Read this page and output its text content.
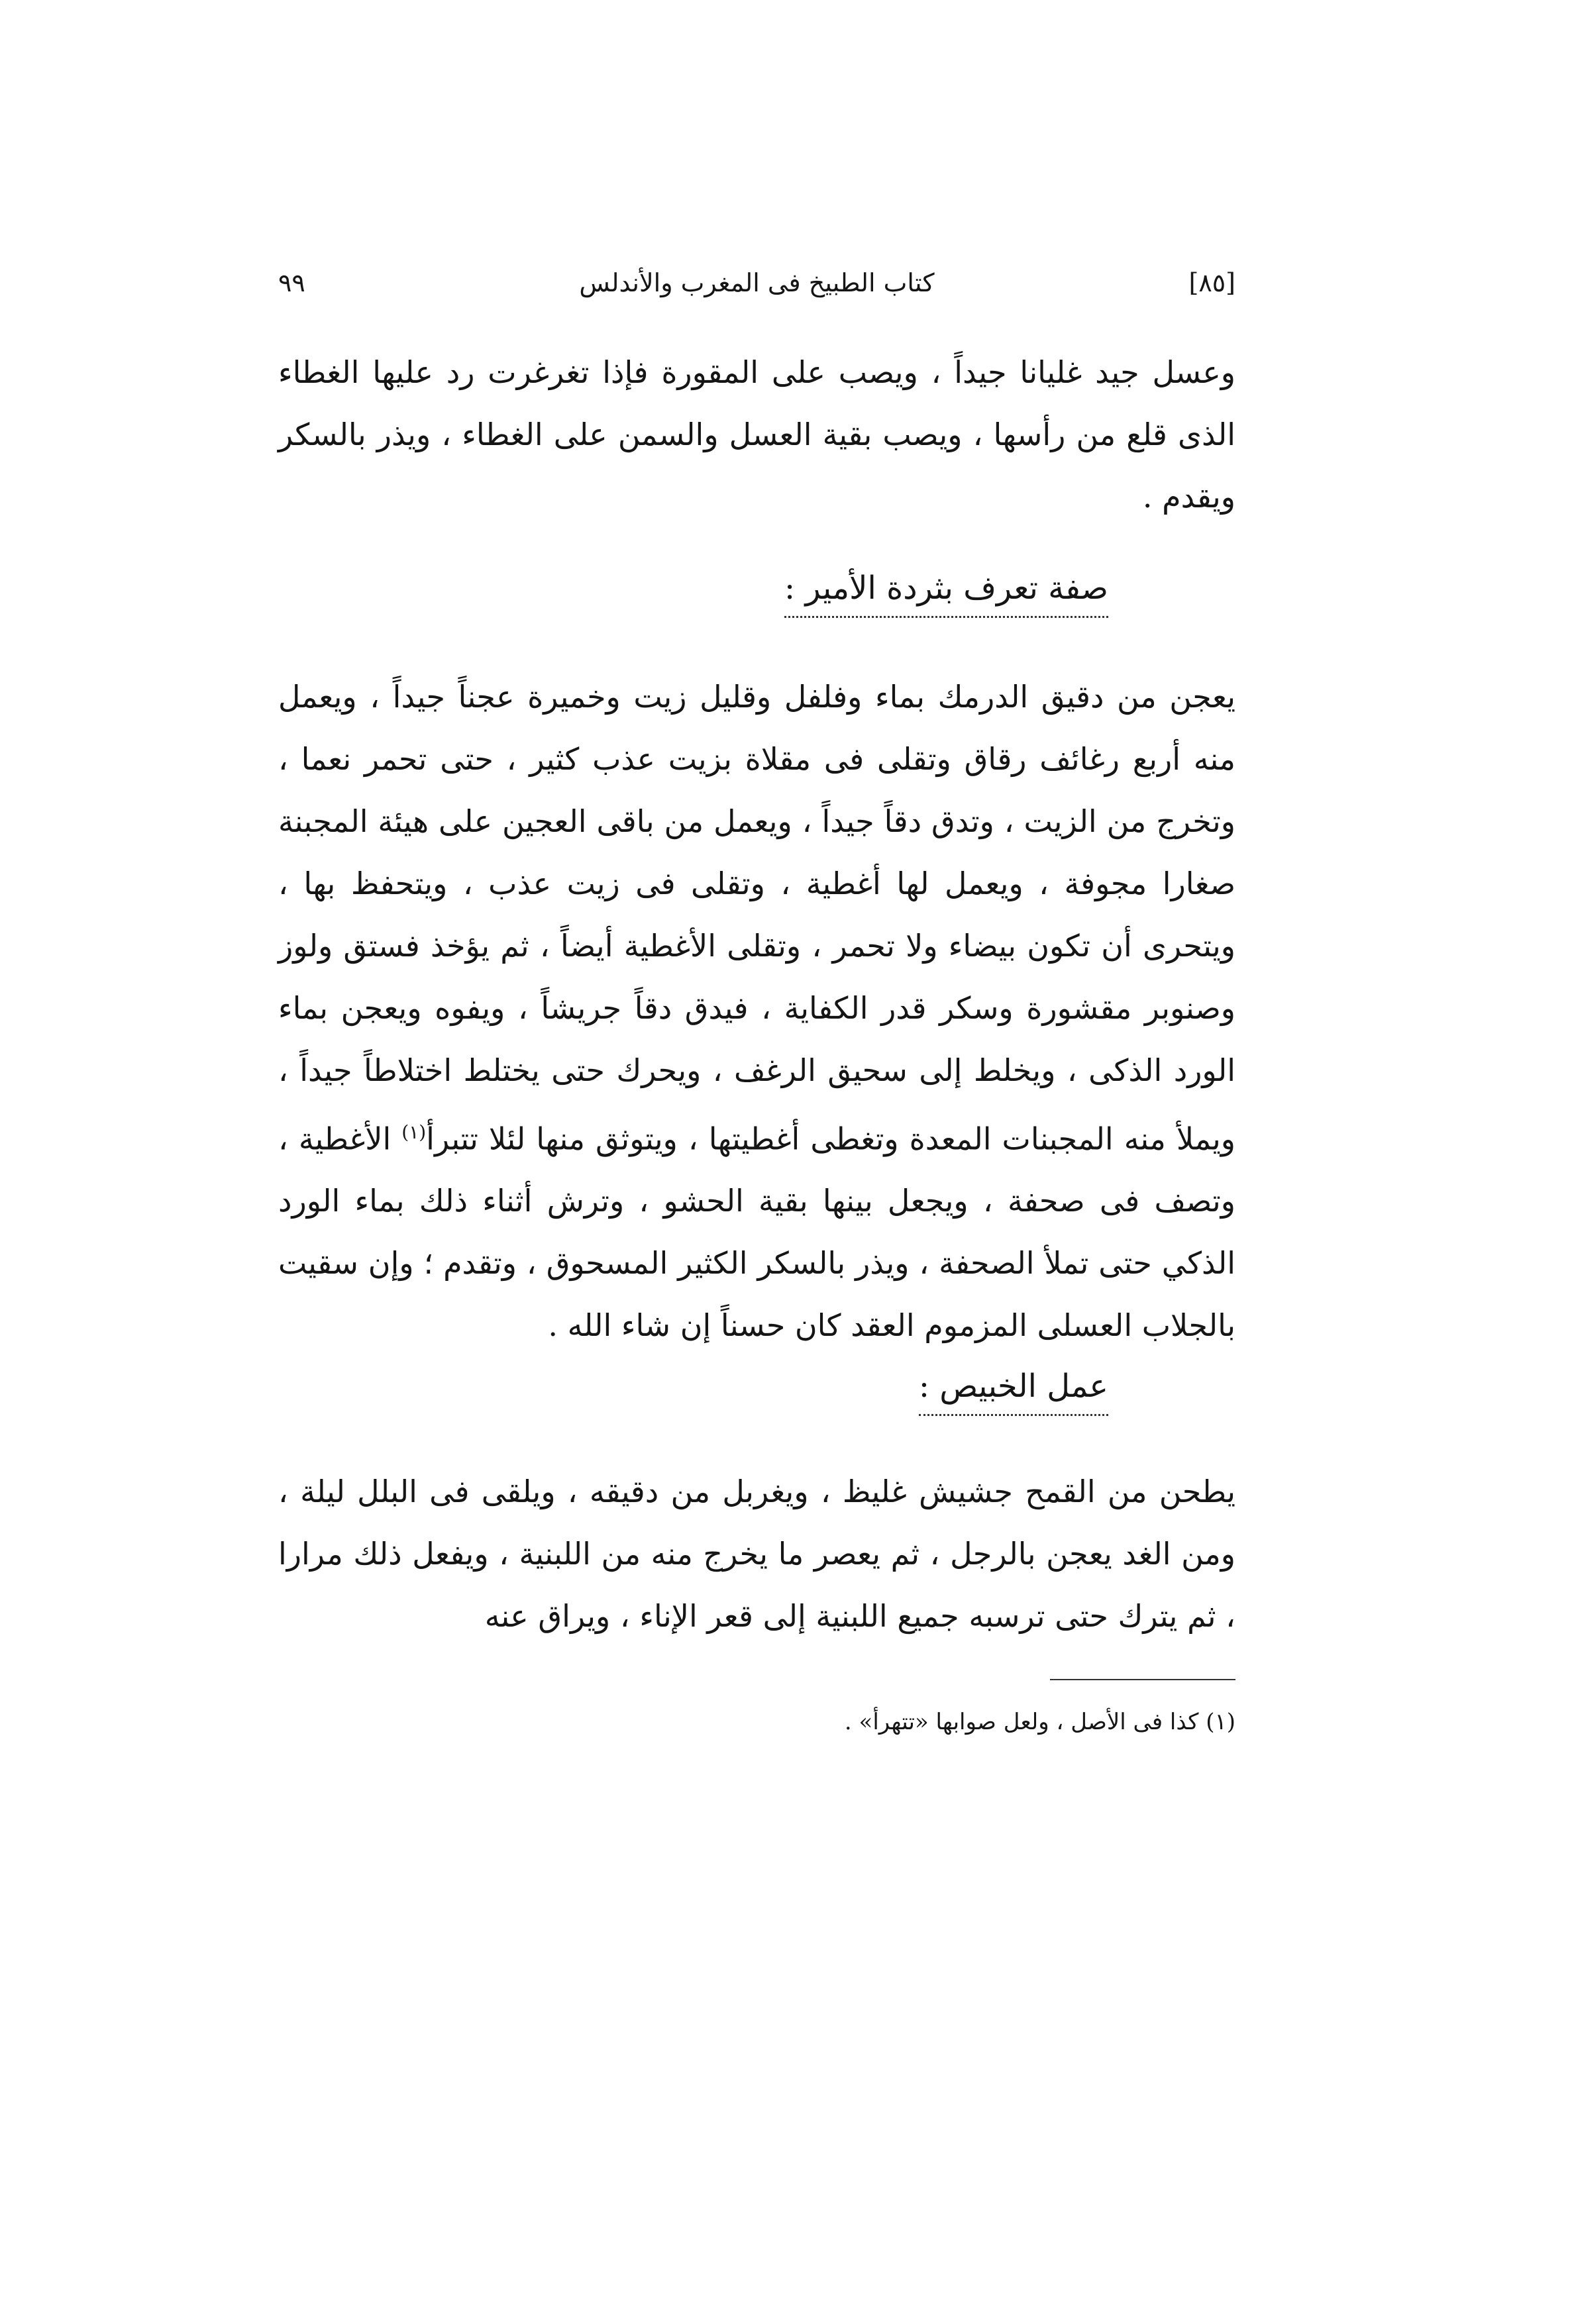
[٨٥]
كتاب الطبيخ فى المغرب والأندلس
٩٩
وعسل جيد غليانا جيداً ، ويصب على المقورة فإذا تغرغرت رد عليها الغطاء الذى قلع من رأسها ، ويصب بقية العسل والسمن على الغطاء ، ويذر بالسكر ويقدم .
صفة تعرف بثردة الأمير :
يعجن من دقيق الدرمك بماء وفلفل وقليل زيت وخميرة عجناً جيداً ، ويعمل منه أربع رغائف رقاق وتقلى فى مقلاة بزيت عذب كثير ، حتى تحمر نعما ، وتخرج من الزيت ، وتدق دقاً جيداً ، ويعمل من باقى العجين على هيئة المجبنة صغارا مجوفة ، ويعمل لها أغطية ، وتقلى فى زيت عذب ، ويتحفظ بها ، ويتحرى أن تكون بيضاء ولا تحمر ، وتقلى الأغطية أيضاً ، ثم يؤخذ فستق ولوز وصنوبر مقشورة وسكر قدر الكفاية ، فيدق دقاً جريشاً ، ويفوه ويعجن بماء الورد الذكى ، ويخلط إلى سحيق الرغف ، ويحرك حتى يختلط اختلاطاً جيداً ، ويملأ منه المجبنات المعدة وتغطى أغطيتها ، ويتوثق منها لئلا تتبرأ$^{(١)}$ الأغطية ، وتصف فى صحفة ، ويجعل بينها بقية الحشو ، وترش أثناء ذلك بماء الورد الذكي حتى تملأ الصحفة ، ويذر بالسكر الكثير المسحوق ، وتقدم ؛ وإن سقيت بالجلاب العسلى المزموم العقد كان حسناً إن شاء الله .
عمل الخبيص :
يطحن من القمح جشيش غليظ ، ويغربل من دقيقه ، ويلقى فى البلل ليلة ، ومن الغد يعجن بالرجل ، ثم يعصر ما يخرج منه من اللبنية ، ويفعل ذلك مرارا ، ثم يترك حتى ترسبه جميع اللبنية إلى قعر الإناء ، ويراق عنه
(١) كذا فى الأصل ، ولعل صوابها «تتهرأ» .
